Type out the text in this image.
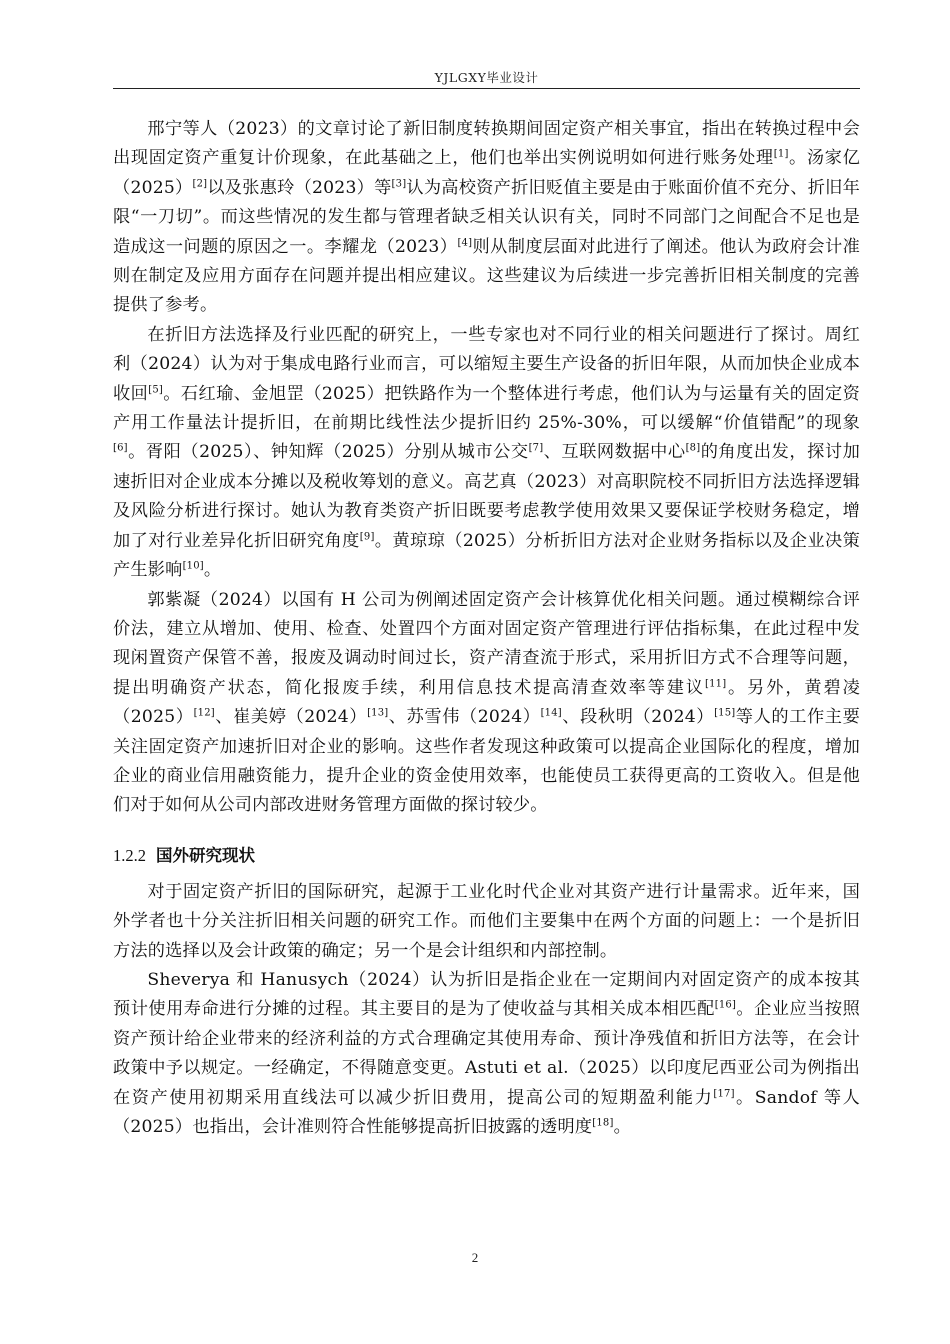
YJLGXY毕业设计

邢宁等人（2023）的文章讨论了新旧制度转换期间固定资产相关事宜，指出在转换过程中会出现固定资产重复计价现象，在此基础之上，他们也举出实例说明如何进行账务处理[1]。汤家亿（2025）[2]以及张惠玲（2023）等[3]认为高校资产折旧贬值主要是由于账面价值不充分、折旧年限“一刀切”。而这些情况的发生都与管理者缺乏相关认识有关，同时不同部门之间配合不足也是造成这一问题的原因之一。李耀龙（2023）[4]则从制度层面对此进行了阐述。他认为政府会计准则在制定及应用方面存在问题并提出相应建议。这些建议为后续进一步完善折旧相关制度的完善提供了参考。

在折旧方法选择及行业匹配的研究上，一些专家也对不同行业的相关问题进行了探讨。周红利（2024）认为对于集成电路行业而言，可以缩短主要生产设备的折旧年限，从而加快企业成本收回[5]。石红瑜、金旭罡（2025）把铁路作为一个整体进行考虑，他们认为与运量有关的固定资产用工作量法计提折旧，在前期比线性法少提折旧约 25%-30%，可以缓解“价值错配”的现象[6]。胥阳（2025）、钟知辉（2025）分别从城市公交[7]、互联网数据中心[8]的角度出发，探讨加速折旧对企业成本分摊以及税收筹划的意义。高艺真（2023）对高职院校不同折旧方法选择逻辑及风险分析进行探讨。她认为教育类资产折旧既要考虑教学使用效果又要保证学校财务稳定，增加了对行业差异化折旧研究角度[9]。黄琼琼（2025）分析折旧方法对企业财务指标以及企业决策产生影响[10]。

郭紫凝（2024）以国有 H 公司为例阐述固定资产会计核算优化相关问题。通过模糊综合评价法，建立从增加、使用、检查、处置四个方面对固定资产管理进行评估指标集，在此过程中发现闲置资产保管不善，报废及调动时间过长，资产清查流于形式，采用折旧方式不合理等问题，提出明确资产状态，简化报废手续，利用信息技术提高清查效率等建议[11]。另外，黄碧凌（2025）[12]、崔美婷（2024）[13]、苏雪伟（2024）[14]、段秋明（2024）[15]等人的工作主要关注固定资产加速折旧对企业的影响。这些作者发现这种政策可以提高企业国际化的程度，增加企业的商业信用融资能力，提升企业的资金使用效率，也能使员工获得更高的工资收入。但是他们对于如何从公司内部改进财务管理方面做的探讨较少。

1.2.2 国外研究现状

对于固定资产折旧的国际研究，起源于工业化时代企业对其资产进行计量需求。近年来，国外学者也十分关注折旧相关问题的研究工作。而他们主要集中在两个方面的问题上：一个是折旧方法的选择以及会计政策的确定；另一个是会计组织和内部控制。

Sheverya 和 Hanusych（2024）认为折旧是指企业在一定期间内对固定资产的成本按其预计使用寿命进行分摊的过程。其主要目的是为了使收益与其相关成本相匹配[16]。企业应当按照资产预计给企业带来的经济利益的方式合理确定其使用寿命、预计净残值和折旧方法等，在会计政策中予以规定。一经确定，不得随意变更。Astuti et al.（2025）以印度尼西亚公司为例指出在资产使用初期采用直线法可以减少折旧费用，提高公司的短期盈利能力[17]。Sandof 等人（2025）也指出，会计准则符合性能够提高折旧披露的透明度[18]。

2
